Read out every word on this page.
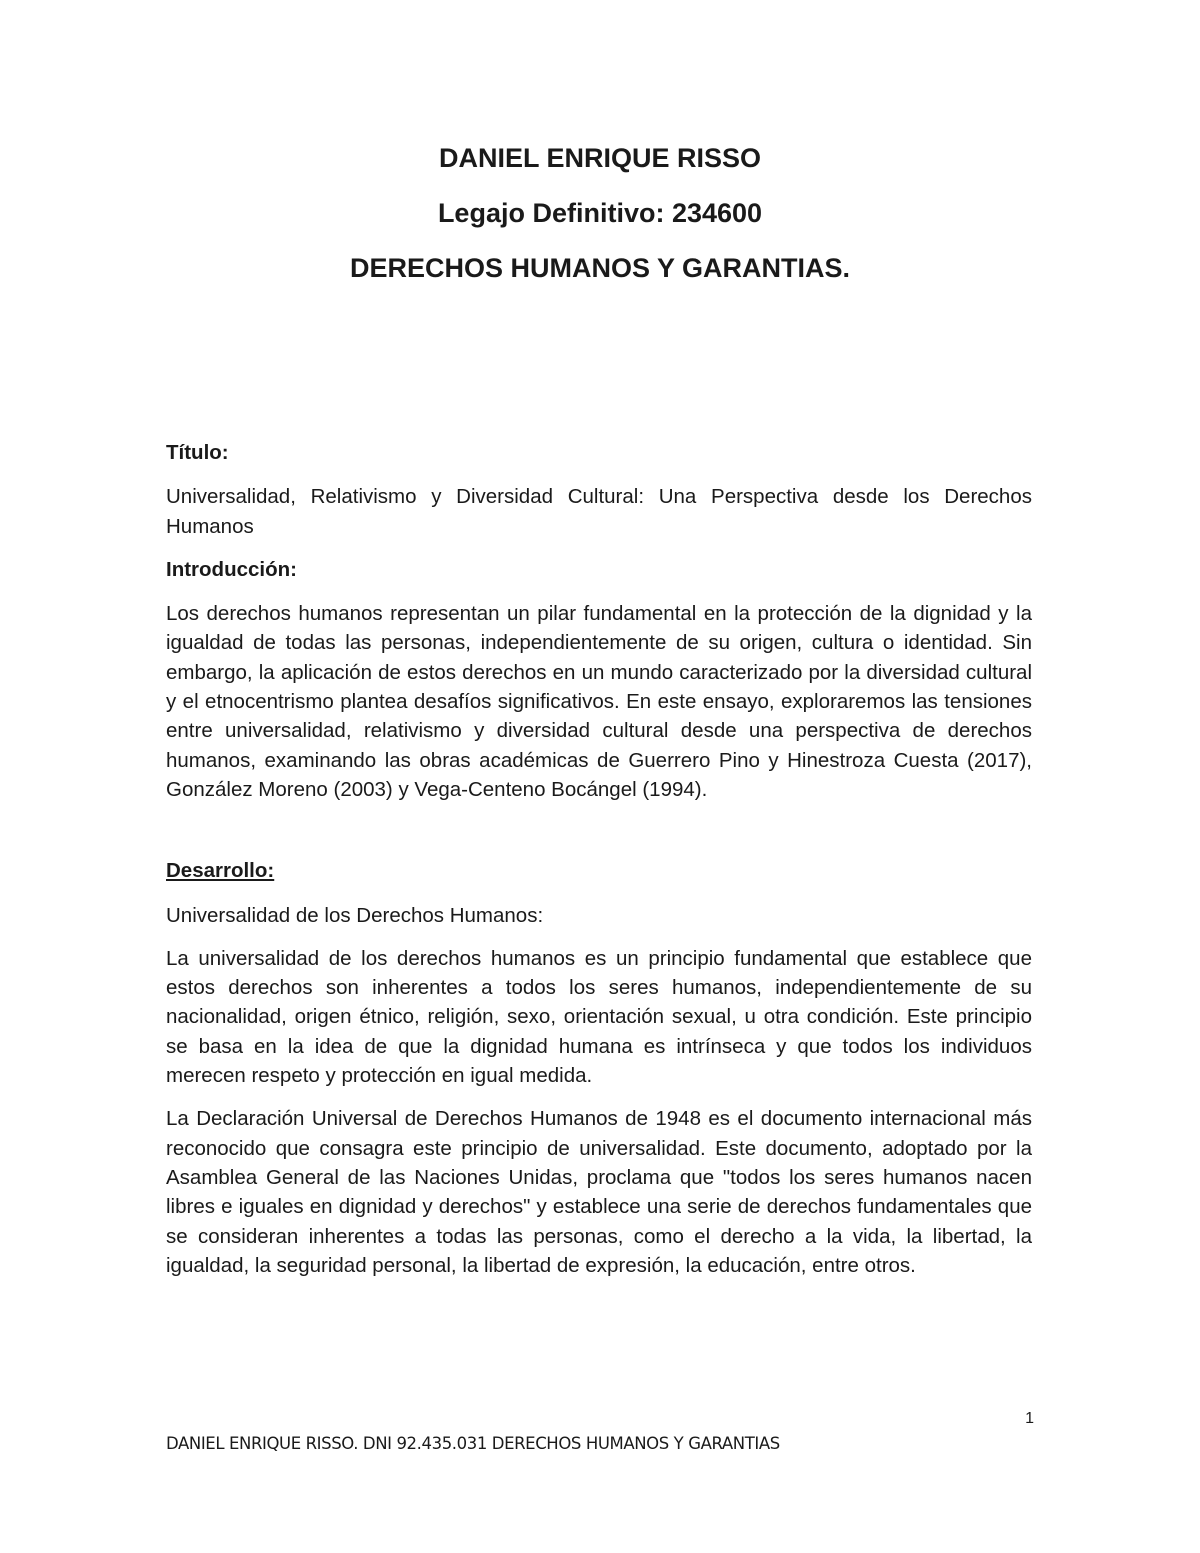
DANIEL ENRIQUE RISSO
Legajo Definitivo: 234600
DERECHOS HUMANOS Y GARANTIAS.
Título:
Universalidad, Relativismo y Diversidad Cultural: Una Perspectiva desde los Derechos Humanos
Introducción:
Los derechos humanos representan un pilar fundamental en la protección de la dignidad y la igualdad de todas las personas, independientemente de su origen, cultura o identidad. Sin embargo, la aplicación de estos derechos en un mundo caracterizado por la diversidad cultural y el etnocentrismo plantea desafíos significativos. En este ensayo, exploraremos las tensiones entre universalidad, relativismo y diversidad cultural desde una perspectiva de derechos humanos, examinando las obras académicas de Guerrero Pino y Hinestroza Cuesta (2017), González Moreno (2003) y Vega-Centeno Bocángel (1994).
Desarrollo:
Universalidad de los Derechos Humanos:
La universalidad de los derechos humanos es un principio fundamental que establece que estos derechos son inherentes a todos los seres humanos, independientemente de su nacionalidad, origen étnico, religión, sexo, orientación sexual, u otra condición. Este principio se basa en la idea de que la dignidad humana es intrínseca y que todos los individuos merecen respeto y protección en igual medida.
La Declaración Universal de Derechos Humanos de 1948 es el documento internacional más reconocido que consagra este principio de universalidad. Este documento, adoptado por la Asamblea General de las Naciones Unidas, proclama que "todos los seres humanos nacen libres e iguales en dignidad y derechos" y establece una serie de derechos fundamentales que se consideran inherentes a todas las personas, como el derecho a la vida, la libertad, la igualdad, la seguridad personal, la libertad de expresión, la educación, entre otros.
1
DANIEL ENRIQUE RISSO. DNI 92.435.031 DERECHOS HUMANOS Y GARANTIAS
